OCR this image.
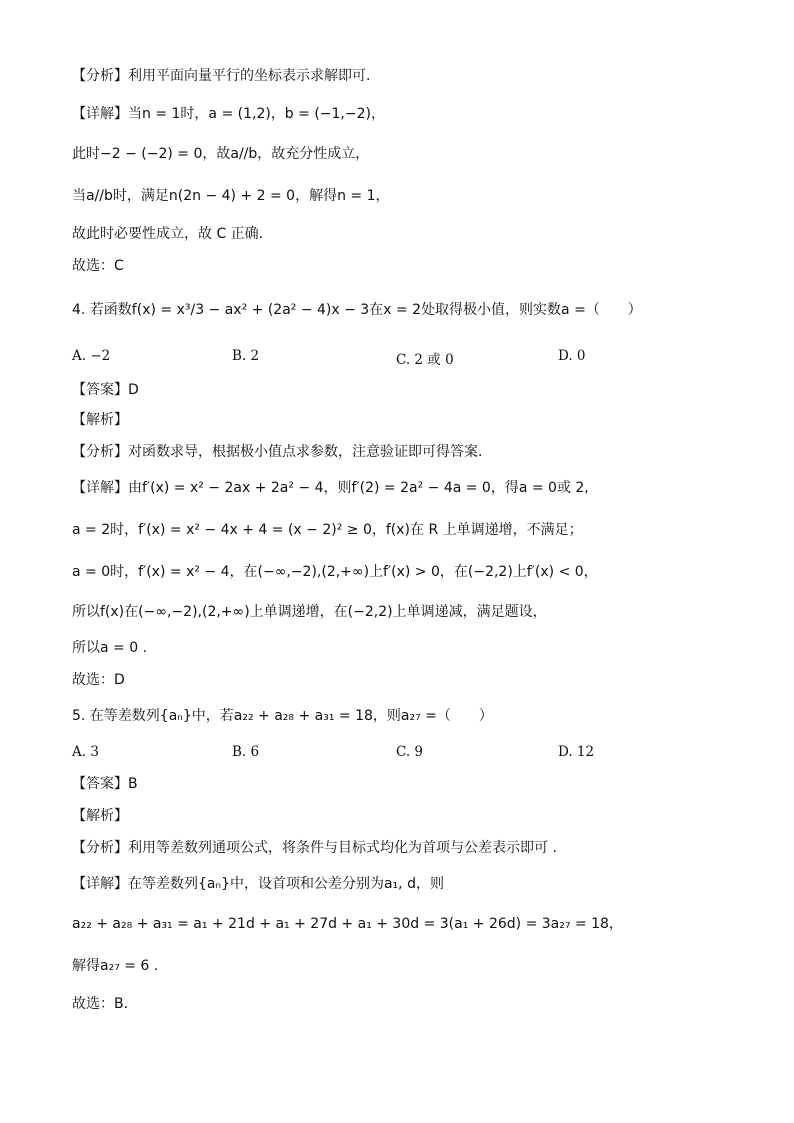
【分析】利用平面向量平行的坐标表示求解即可.
【详解】当n = 1时，a = (1,2)，b = (−1,−2)，
此时−2 − (−2) = 0，故a//b，故充分性成立，
当a//b时，满足n(2n − 4) + 2 = 0，解得n = 1，
故此时必要性成立，故 C 正确.
故选：C
4. 若函数f(x) = x³/3 − ax² + (2a² − 4)x − 3在x = 2处取得极小值，则实数a =（　　）
A. −2	B. 2	C. 2 或 0	D. 0
【答案】D
【解析】
【分析】对函数求导，根据极小值点求参数，注意验证即可得答案.
【详解】由f′(x) = x² − 2ax + 2a² − 4，则f′(2) = 2a² − 4a = 0，得a = 0或 2,
a = 2时，f′(x) = x² − 4x + 4 = (x − 2)² ≥ 0，f(x)在 R 上单调递增，不满足；
a = 0时，f′(x) = x² − 4，在(−∞,−2),(2,+∞)上f′(x) > 0，在(−2,2)上f′(x) < 0，
所以f(x)在(−∞,−2),(2,+∞)上单调递增，在(−2,2)上单调递减，满足题设，
所以a = 0 .
故选：D
5. 在等差数列{aₙ}中，若a₂₂ + a₂₈ + a₃₁ = 18，则a₂₇ =（　　）
A. 3	B. 6	C. 9	D. 12
【答案】B
【解析】
【分析】利用等差数列通项公式，将条件与目标式均化为首项与公差表示即可 .
【详解】在等差数列{aₙ}中，设首项和公差分别为a₁, d，则
a₂₂ + a₂₈ + a₃₁ = a₁ + 21d + a₁ + 27d + a₁ + 30d = 3(a₁ + 26d) = 3a₂₇ = 18，
解得a₂₇ = 6 .
故选：B.
